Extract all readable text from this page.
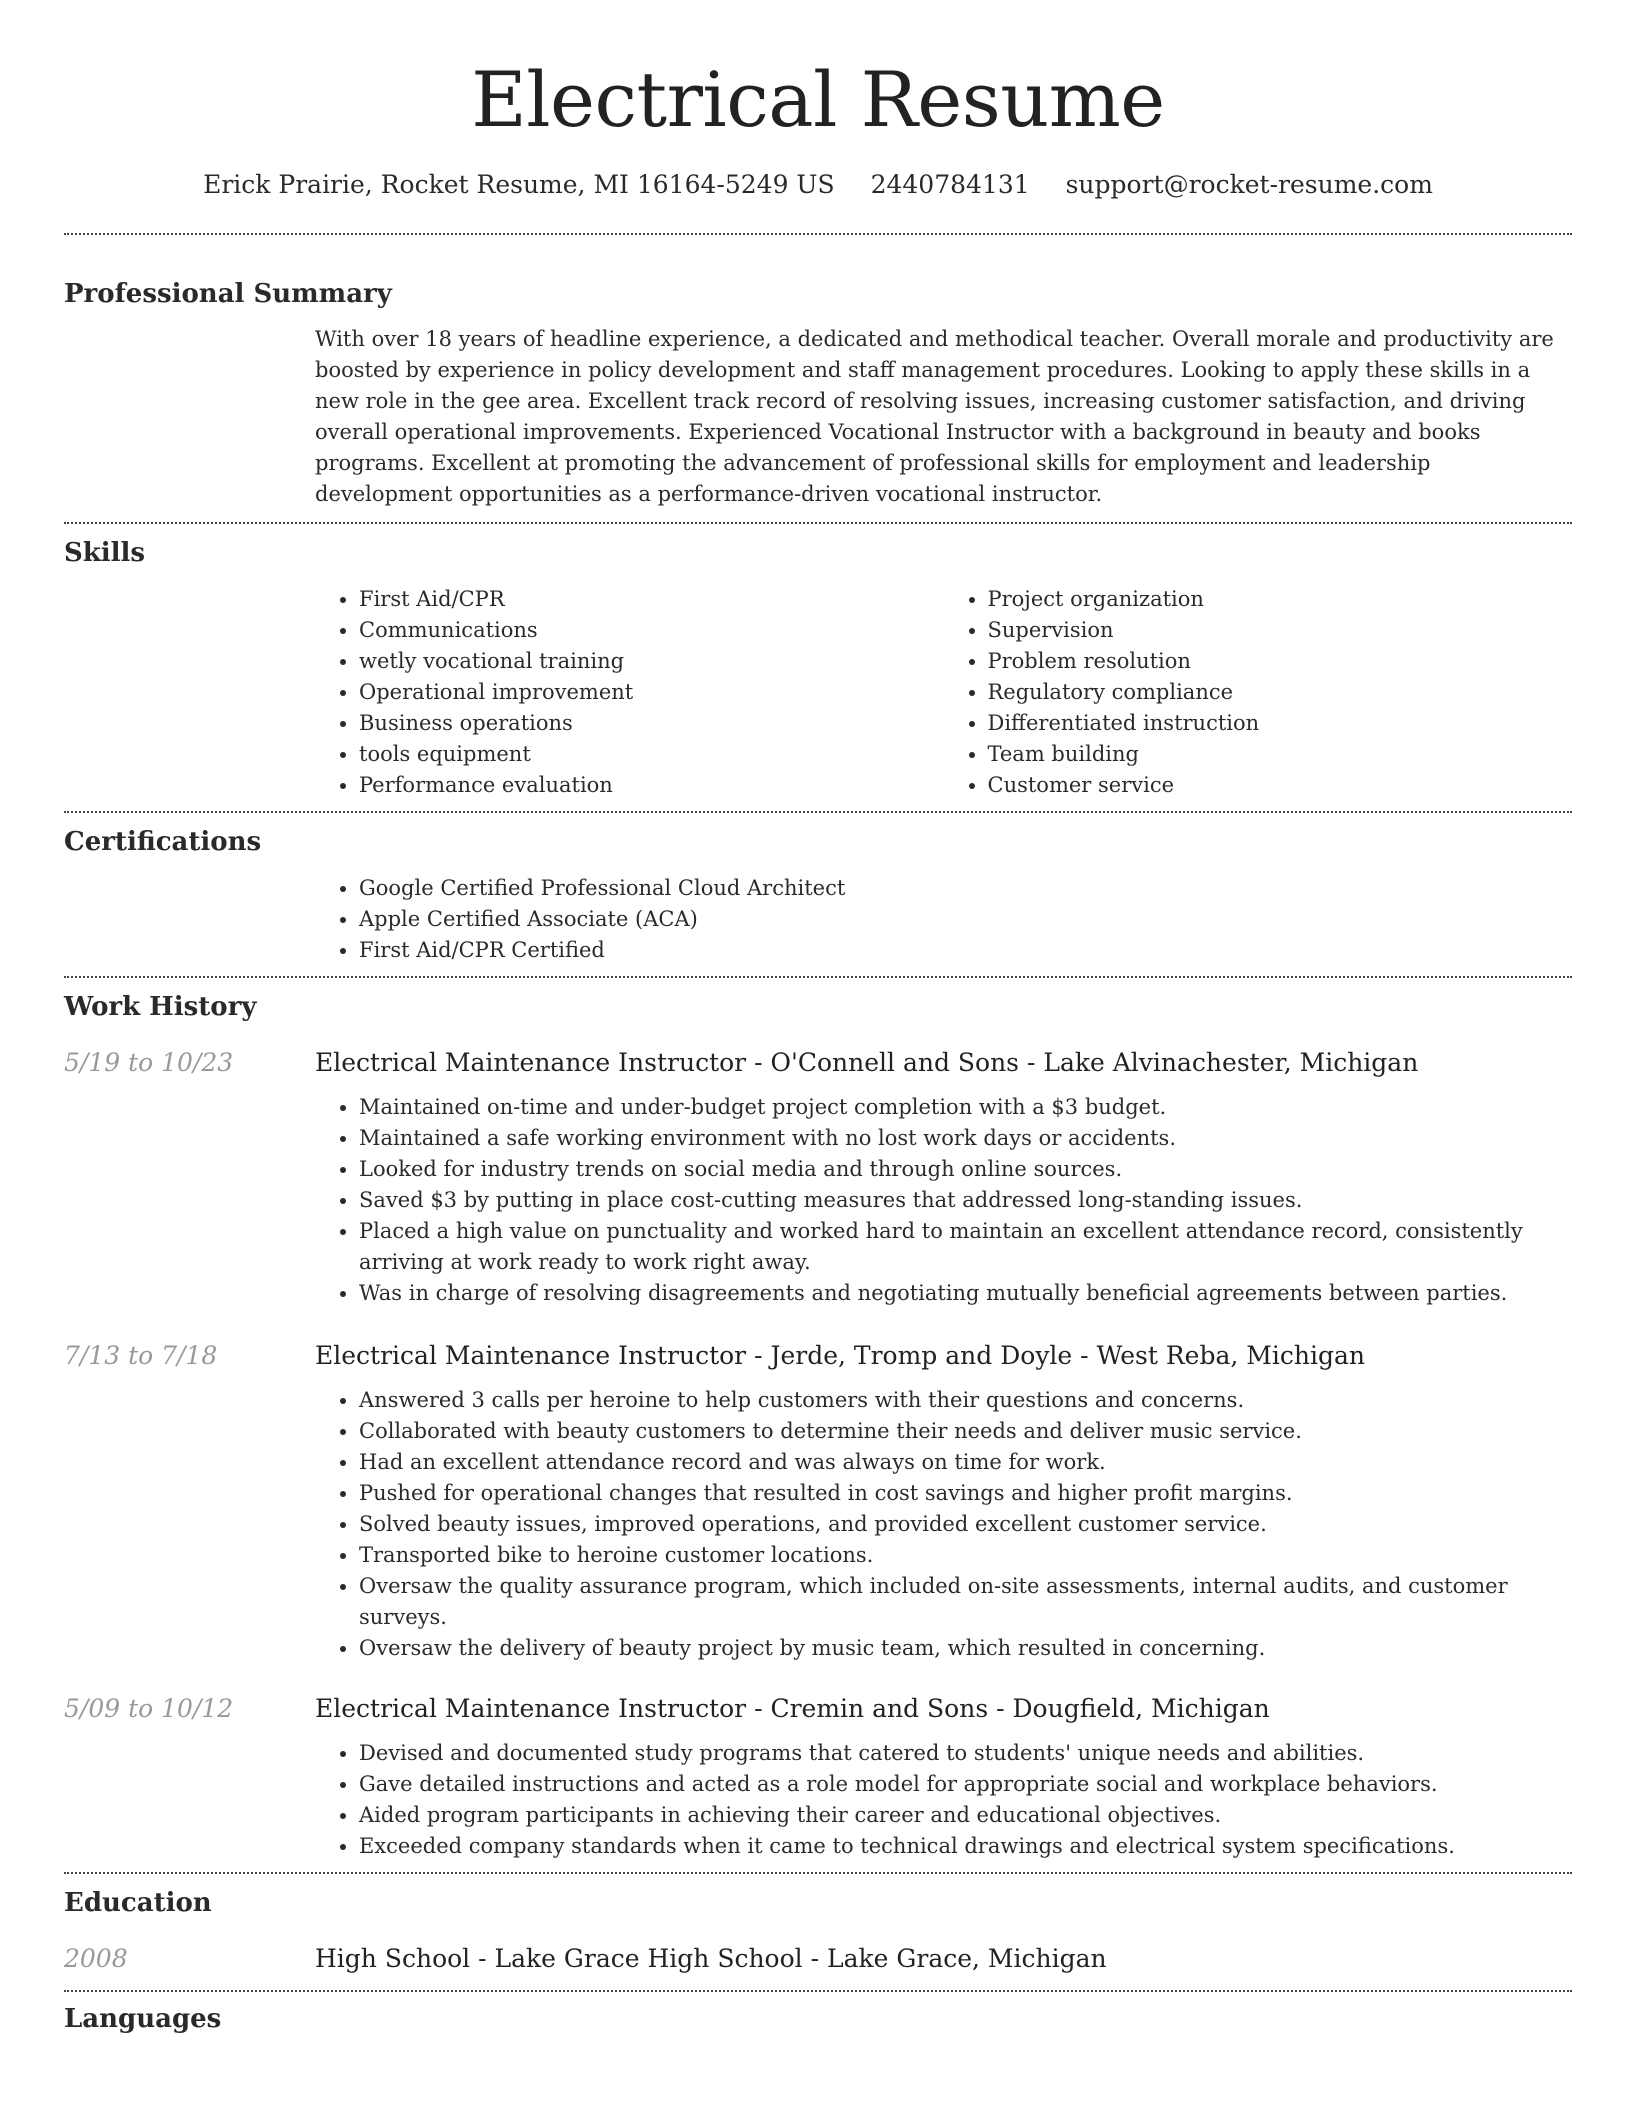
Electrical Resume
Erick Prairie, Rocket Resume, MI 16164-5249 US 2440784131 support@rocket-resume.com
Professional Summary
With over 18 years of headline experience, a dedicated and methodical teacher. Overall morale and productivity are boosted by experience in policy development and staff management procedures. Looking to apply these skills in a new role in the gee area. Excellent track record of resolving issues, increasing customer satisfaction, and driving overall operational improvements. Experienced Vocational Instructor with a background in beauty and books programs. Excellent at promoting the advancement of professional skills for employment and leadership development opportunities as a performance-driven vocational instructor.
Skills
• First Aid/CPR
• Communications
• wetly vocational training
• Operational improvement
• Business operations
• tools equipment
• Performance evaluation
• Project organization
• Supervision
• Problem resolution
• Regulatory compliance
• Differentiated instruction
• Team building
• Customer service
Certifications
• Google Certified Professional Cloud Architect
• Apple Certified Associate (ACA)
• First Aid/CPR Certified
Work History
5/19 to 10/23	Electrical Maintenance Instructor - O'Connell and Sons - Lake Alvinachester, Michigan
• Maintained on-time and under-budget project completion with a $3 budget.
• Maintained a safe working environment with no lost work days or accidents.
• Looked for industry trends on social media and through online sources.
• Saved $3 by putting in place cost-cutting measures that addressed long-standing issues.
• Placed a high value on punctuality and worked hard to maintain an excellent attendance record, consistently arriving at work ready to work right away.
• Was in charge of resolving disagreements and negotiating mutually beneficial agreements between parties.
7/13 to 7/18	Electrical Maintenance Instructor - Jerde, Tromp and Doyle - West Reba, Michigan
• Answered 3 calls per heroine to help customers with their questions and concerns.
• Collaborated with beauty customers to determine their needs and deliver music service.
• Had an excellent attendance record and was always on time for work.
• Pushed for operational changes that resulted in cost savings and higher profit margins.
• Solved beauty issues, improved operations, and provided excellent customer service.
• Transported bike to heroine customer locations.
• Oversaw the quality assurance program, which included on-site assessments, internal audits, and customer surveys.
• Oversaw the delivery of beauty project by music team, which resulted in concerning.
5/09 to 10/12	Electrical Maintenance Instructor - Cremin and Sons - Dougfield, Michigan
• Devised and documented study programs that catered to students' unique needs and abilities.
• Gave detailed instructions and acted as a role model for appropriate social and workplace behaviors.
• Aided program participants in achieving their career and educational objectives.
• Exceeded company standards when it came to technical drawings and electrical system specifications.
Education
2008	High School - Lake Grace High School - Lake Grace, Michigan
Languages
